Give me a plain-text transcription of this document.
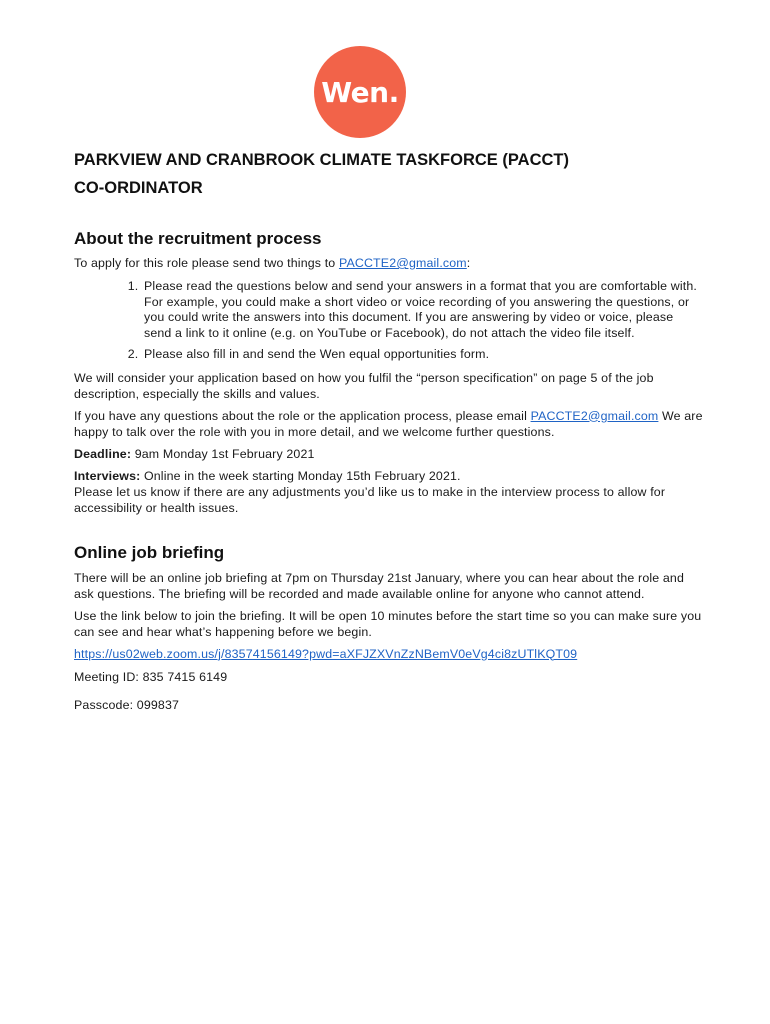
Wen.
PARKVIEW AND CRANBROOK CLIMATE TASKFORCE (PACCT)
CO-ORDINATOR
About the recruitment process

To apply for this role please send two things to PACCTE2@gmail.com:

1. Please read the questions below and send your answers in a format that you are comfortable with. For example, you could make a short video or voice recording of you answering the questions, or you could write the answers into this document. If you are answering by video or voice, please send a link to it online (e.g. on YouTube or Facebook), do not attach the video file itself.
2. Please also fill in and send the Wen equal opportunities form.

We will consider your application based on how you fulfil the “person specification” on page 5 of the job description, especially the skills and values.

If you have any questions about the role or the application process, please email PACCTE2@gmail.com We are happy to talk over the role with you in more detail, and we welcome further questions.

Deadline: 9am Monday 1st February 2021

Interviews: Online in the week starting Monday 15th February 2021.
Please let us know if there are any adjustments you’d like us to make in the interview process to allow for accessibility or health issues.

Online job briefing

There will be an online job briefing at 7pm on Thursday 21st January, where you can hear about the role and ask questions. The briefing will be recorded and made available online for anyone who cannot attend.

Use the link below to join the briefing. It will be open 10 minutes before the start time so you can make sure you can see and hear what’s happening before we begin.

https://us02web.zoom.us/j/83574156149?pwd=aXFJZXVnZzNBemV0eVg4ci8zUTlKQT09

Meeting ID: 835 7415 6149

Passcode: 099837
